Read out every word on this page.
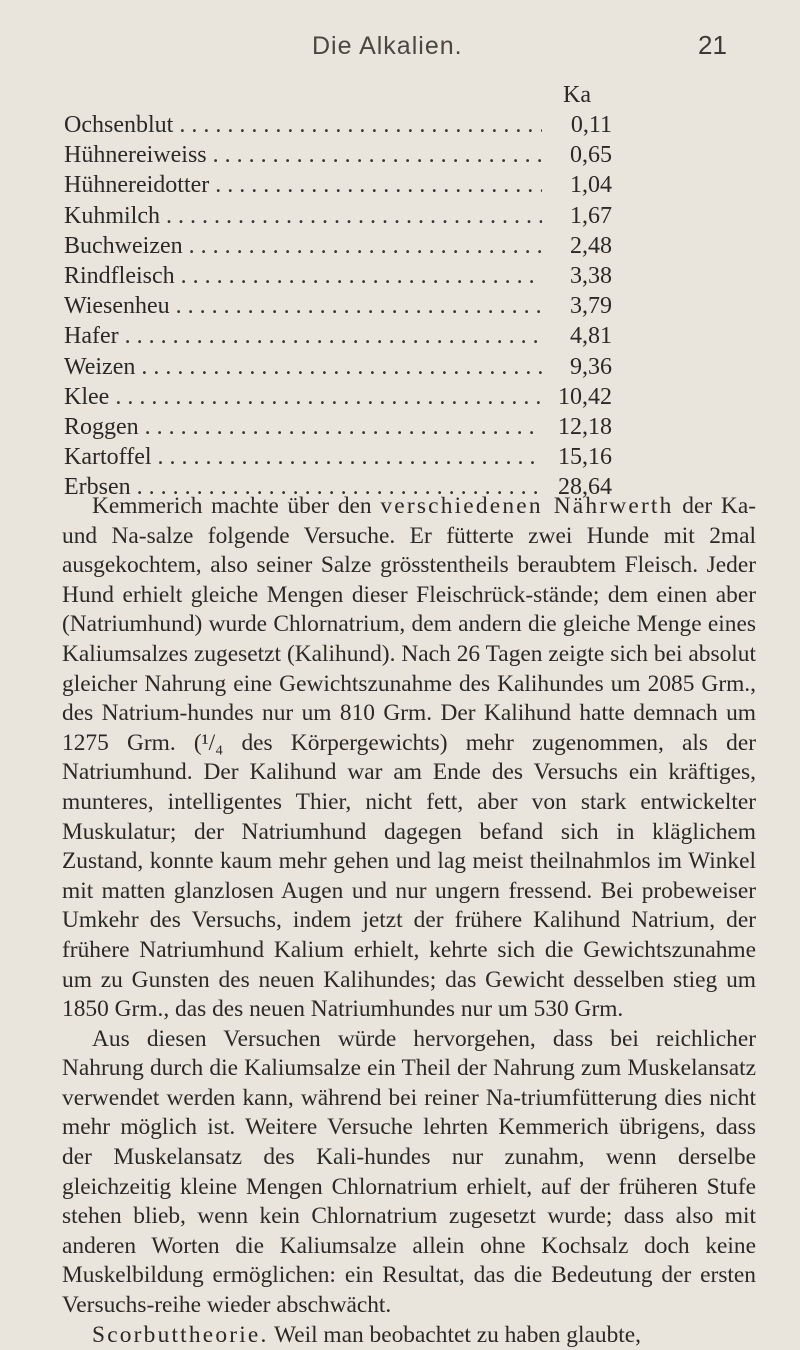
Die Alkalien.	21
Ka
Ochsenblut . . .	0,11
Hühnereiweiss . . .	0,65
Hühnereidotter . . .	1,04
Kuhmilch . . .	1,67
Buchweizen . . .	2,48
Rindfleisch . . .	3,38
Wiesenheu . . .	3,79
Hafer . . .	4,81
Weizen . . .	9,36
Klee . . .	10,42
Roggen . . .	12,18
Kartoffel . . .	15,16
Erbsen . . .	28,64

Kemmerich machte über den verschiedenen Nährwerth der Ka- und Na-salze folgende Versuche. Er fütterte zwei Hunde mit 2mal ausgekochtem, also seiner Salze grösstentheils beraubtem Fleisch. Jeder Hund erhielt gleiche Mengen dieser Fleischrück-stände; dem einen aber (Natriumhund) wurde Chlornatrium, dem andern die gleiche Menge eines Kaliumsalzes zugesetzt (Kalihund). Nach 26 Tagen zeigte sich bei absolut gleicher Nahrung eine Gewichtszunahme des Kalihundes um 2085 Grm., des Natrium-hundes nur um 810 Grm. Der Kalihund hatte demnach um 1275 Grm. (¹/₄ des Körpergewichts) mehr zugenommen, als der Natriumhund. Der Kalihund war am Ende des Versuchs ein kräftiges, munteres, intelligentes Thier, nicht fett, aber von stark entwickelter Muskulatur; der Natriumhund dagegen befand sich in kläglichem Zustand, konnte kaum mehr gehen und lag meist theilnahmlos im Winkel mit matten glanzlosen Augen und nur ungern fressend. Bei probeweiser Umkehr des Versuchs, indem jetzt der frühere Kalihund Natrium, der frühere Natriumhund Kalium erhielt, kehrte sich die Gewichtszunahme um zu Gunsten des neuen Kalihundes; das Gewicht desselben stieg um 1850 Grm., das des neuen Natriumhundes nur um 530 Grm.

Aus diesen Versuchen würde hervorgehen, dass bei reichlicher Nahrung durch die Kaliumsalze ein Theil der Nahrung zum Muskelansatz verwendet werden kann, während bei reiner Na-triumfütterung dies nicht mehr möglich ist. Weitere Versuche lehrten Kemmerich übrigens, dass der Muskelansatz des Kali-hundes nur zunahm, wenn derselbe gleichzeitig kleine Mengen Chlornatrium erhielt, auf der früheren Stufe stehen blieb, wenn kein Chlornatrium zugesetzt wurde; dass also mit anderen Worten die Kaliumsalze allein ohne Kochsalz doch keine Muskelbildung ermöglichen: ein Resultat, das die Bedeutung der ersten Versuchs-reihe wieder abschwächt.

Scorbuttheorie. Weil man beobachtet zu haben glaubte,
